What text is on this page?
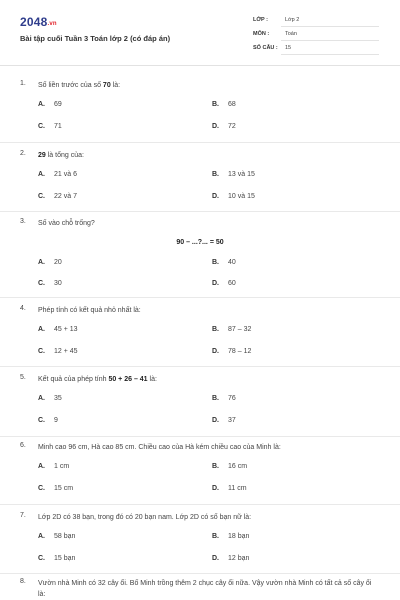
2048.vn
Bài tập cuối Tuần 3 Toán lớp 2 (có đáp án)
LỚP :	Lớp 2
MÔN :	Toán
SỐ CÂU : 15
1. Số liền trước của số 70 là:
A. 69	B. 68
C. 71	D. 72
2. 29 là tổng của:
A. 21 và 6	B. 13 và 15
C. 22 và 7	D. 10 và 15
3. Số vào chỗ trống?
90 – ...?... = 50
A. 20	B. 40
C. 30	D. 60
4. Phép tính có kết quả nhỏ nhất là:
A. 45 + 13	B. 87 – 32
C. 12 + 45	D. 78 – 12
5. Kết quả của phép tính 50 + 26 – 41 là:
A. 35	B. 76
C. 9	D. 37
6. Minh cao 96 cm, Hà cao 85 cm. Chiều cao của Hà kém chiều cao của Minh là:
A. 1 cm	B. 16 cm
C. 15 cm	D. 11 cm
7. Lớp 2D có 38 bạn, trong đó có 20 bạn nam. Lớp 2D có số bạn nữ là:
A. 58 bạn	B. 18 bạn
C. 15 bạn	D. 12 bạn
8. Vườn nhà Minh có 32 cây ổi. Bố Minh trồng thêm 2 chục cây ổi nữa. Vậy vườn nhà Minh có tất cả số cây ổi là:
